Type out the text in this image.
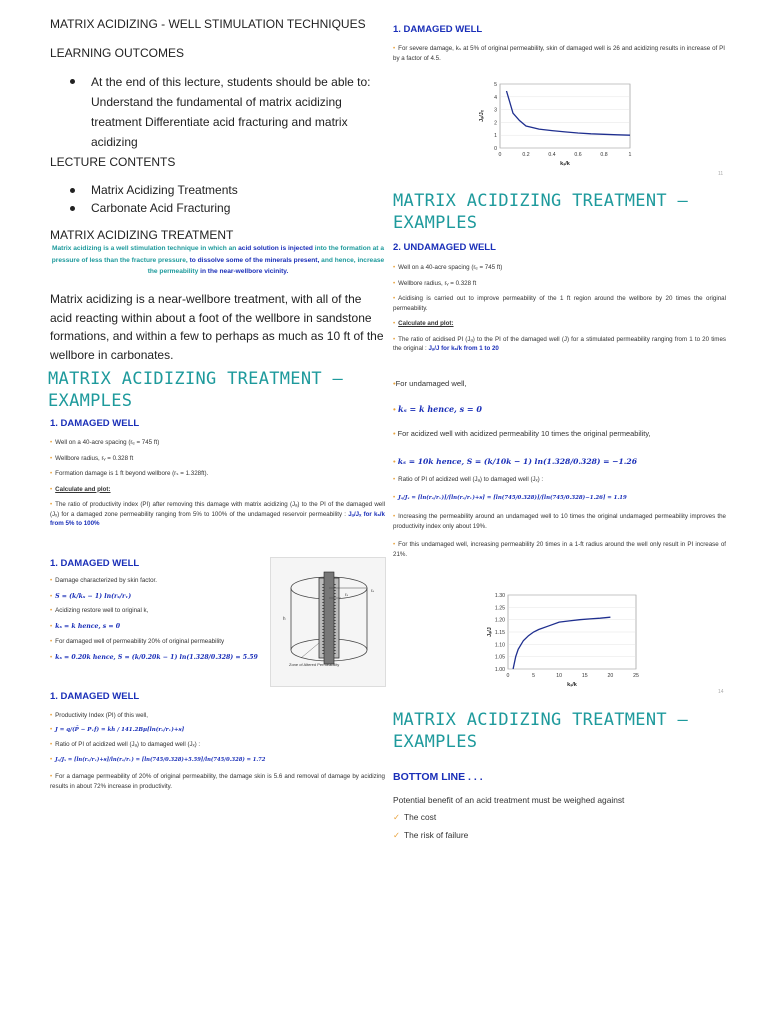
MATRIX ACIDIZING - WELL STIMULATION TECHNIQUES
LEARNING OUTCOMES
At the end of this lecture, students should be able to: Understand the fundamental of matrix acidizing treatment Differentiate acid fracturing and matrix acidizing
LECTURE CONTENTS
Matrix Acidizing Treatments
Carbonate Acid Fracturing
MATRIX ACIDIZING TREATMENT
Matrix acidizing is a well stimulation technique in which an acid solution is injected into the formation at a pressure of less than the fracture pressure, to dissolve some of the minerals present, and hence, increase the permeability in the near-wellbore vicinity.
Matrix acidizing is a near-wellbore treatment, with all of the acid reacting within about a foot of the wellbore in sandstone formations, and within a few to perhaps as much as 10 ft of the wellbore in carbonates.
MATRIX ACIDIZING TREATMENT – EXAMPLES
1. DAMAGED WELL
• Well on a 40-acre spacing (rₑ = 745 ft)
• Wellbore radius, rᵥ = 0.328 ft
• Formation damage is 1 ft beyond wellbore (rₛ = 1.328ft).
• Calculate and plot:
• The ratio of productivity index (PI) after removing this damage with matrix acidizing (Jₐ) to the PI of the damaged well (Jₓ) for a damaged zone permeability ranging from 5% to 100% of the undamaged reservoir permeability : Jₐ/Jₓ for kₛ/k from 5% to 100%
1. DAMAGED WELL
• Damage characterized by skin factor.
• S = (k/kₛ − 1) ln(rₛ/rᵥ)
• Acidizing restore well to original k,
• kₛ = k hence, s = 0
• For damaged well of permeability 20% of original permeability
• kₛ = 0.20k hence, S = (k/0.20k − 1) ln(1.328/0.328) = 5.59
re
h
rs
Zone of Altered Permeability
1. DAMAGED WELL
• Productivity Index (PI) of this well,
• J = q/(P̄ − Pᵥf) = kh / 141.2Bμ[ln(rₑ/rᵥ)+s]
• Ratio of PI of acidized well (Jₐ) to damaged well (Jₓ) :
• Jₐ/Jₓ = [ln(rₑ/rᵥ)+s]/ln(rₑ/rᵥ) = [ln(745/0.328)+5.59]/ln(745/0.328) = 1.72
• For a damage permeability of 20% of original permeability, the damage skin is 5.6 and removal of damage by acidizing results in about 72% increase in productivity.
1. DAMAGED WELL
• For severe damage, kₛ at 5% of original permeability, skin of damaged well is 26 and acidizing results in increase of PI by a factor of 4.5.
0
1
2
3
4
5
0	0.2	0.4	0.6	0.8	1
kₛ/k
Jₐ/Jₓ
11
MATRIX ACIDIZING TREATMENT – EXAMPLES
2. UNDAMAGED WELL
• Well on a 40-acre spacing (rₑ = 745 ft)
• Wellbore radius, rᵥ = 0.328 ft
• Acidising is carried out to improve permeability of the 1 ft region around the wellbore by 20 times the original permeability.
• Calculate and plot:
• The ratio of acidised PI (Jₐ) to the PI of the damaged well (J) for a stimulated permeability ranging from 1 to 20 times the original : Jₐ/J for kₛ/k from 1 to 20
•For undamaged well,
• kₛ = k hence, s = 0
• For acidized well with acidized permeability 10 times the original permeability,
• kₛ = 10k hence, S = (k/10k − 1) ln(1.328/0.328) = −1.26
• Ratio of PI of acidized well (Jₐ) to damaged well (Jₓ) :
• Jₐ/Jₓ = [ln(rₑ/rᵥ)]/[ln(rₑ/rᵥ)+s] = [ln(745/0.328)]/[ln(745/0.328)−1.26] = 1.19
• Increasing the permeability around an undamaged well to 10 times the original undamaged permeability improves the productivity index only about 19%.
• For this undamaged well, increasing permeability 20 times in a 1-ft radius around the well only result in PI increase of 21%.
1.00
1.05
1.10
1.15
1.20
1.25
1.30
0	5	10	15	20	25
kₛ/k
Jₐ/J
14
MATRIX ACIDIZING TREATMENT – EXAMPLES
BOTTOM LINE . . .
Potential benefit of an acid treatment must be weighed against
✓ The cost
✓ The risk of failure
